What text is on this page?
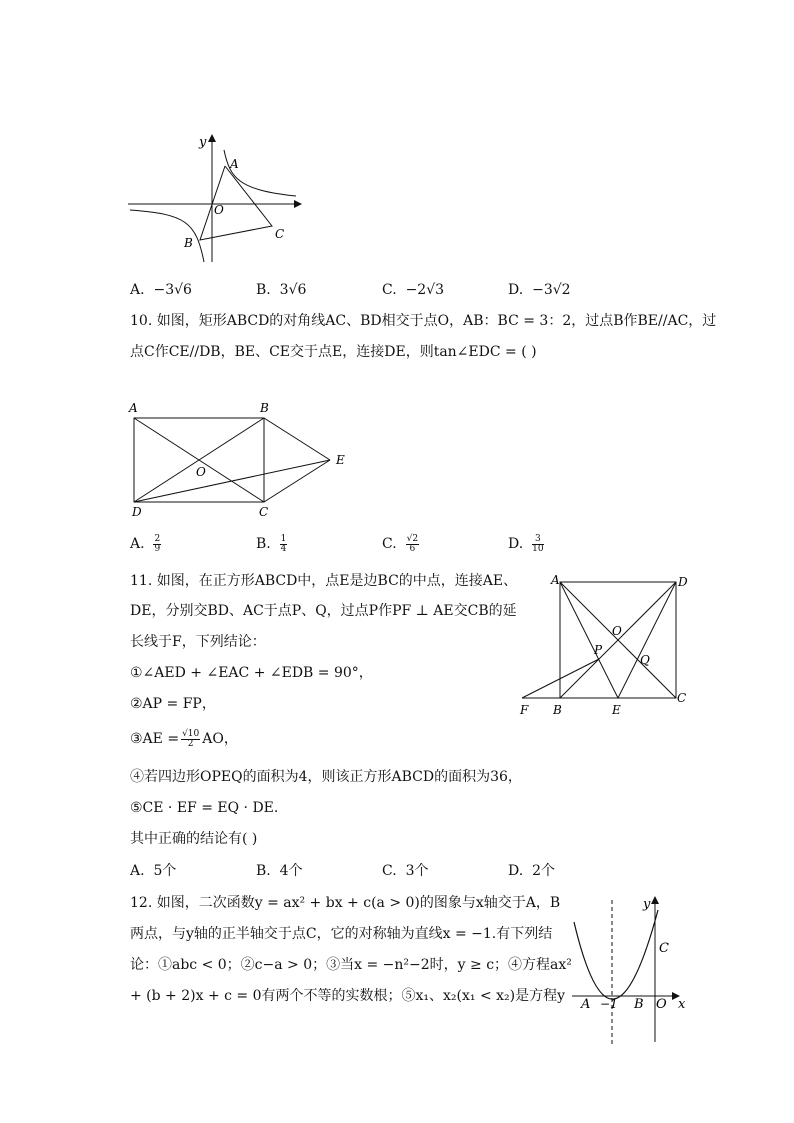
y
A
O
B
C
A. −3√6	B. 3√6	C. −2√3	D. −3√2
10. 如图，矩形ABCD的对角线AC、BD相交于点O，AB：BC = 3：2，过点B作BE//AC，过
点C作CE//DB，BE、CE交于点E，连接DE，则tan∠EDC = ( )
A	B
O
E
D	C
A. $\frac{2}{9}$	B. $\frac{1}{4}$	C. $\frac{√2}{6}$	D. $\frac{3}{10}$
11. 如图，在正方形ABCD中，点E是边BC的中点，连接AE、
DE，分别交BD、AC于点P、Q，过点P作PF ⊥ AE交CB的延
长线于F，下列结论：
①∠AED + ∠EAC + ∠EDB = 90°，
②AP = FP，
③AE = $\frac{√10}{2}$ AO，
④若四边形OPEQ的面积为4，则该正方形ABCD的面积为36，
⑤CE · EF = EQ · DE.
其中正确的结论有( )
A	D
O
P
Q
C
F B	E
A. 5个	B. 4个	C. 3个	D. 2个
12. 如图，二次函数y = ax² + bx + c(a > 0)的图象与x轴交于A，B
两点，与y轴的正半轴交于点C，它的对称轴为直线x = −1.有下列结
论：①abc < 0；②c−a > 0；③当x = −n²−2时，y ≥ c；④方程ax²
+ (b + 2)x + c = 0有两个不等的实数根；⑤x₁、x₂(x₁ < x₂)是方程y
y
C
A −1 B O x
